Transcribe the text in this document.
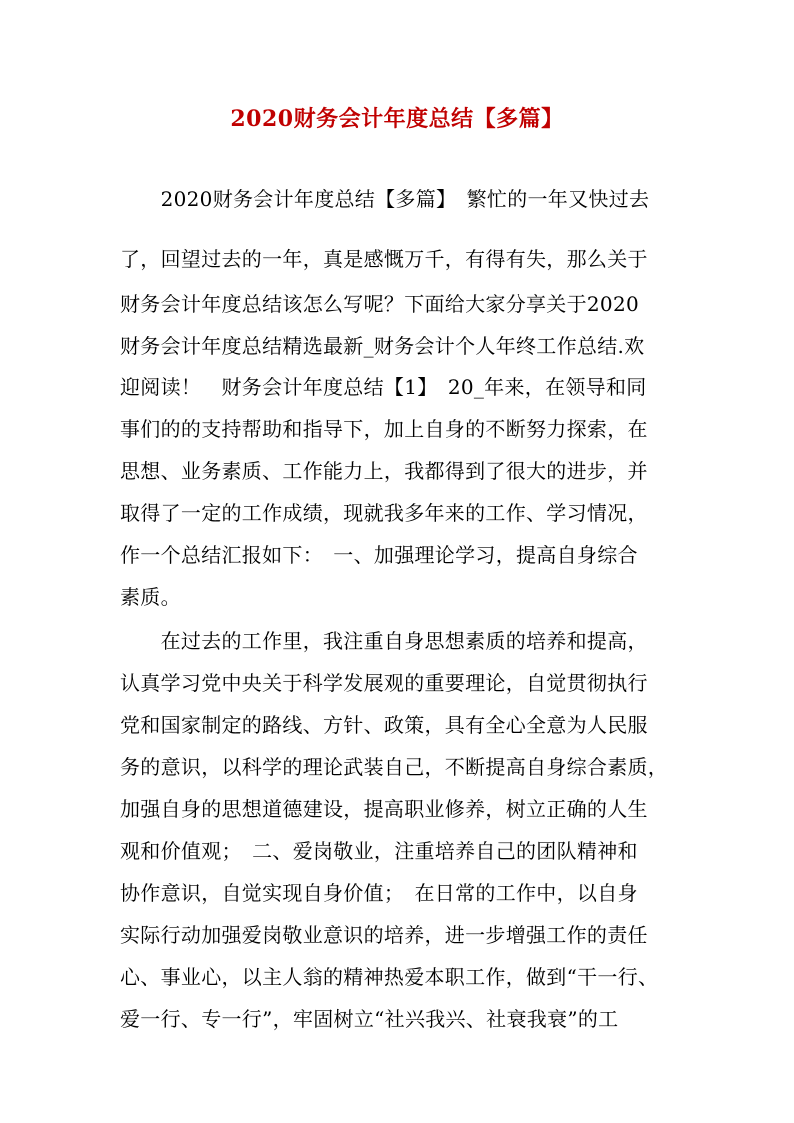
2020财务会计年度总结【多篇】
　　2020财务会计年度总结【多篇】　繁忙的一年又快过去
了，回望过去的一年，真是感慨万千，有得有失，那么关于
财务会计年度总结该怎么写呢？下面给大家分享关于2020
财务会计年度总结精选最新_财务会计个人年终工作总结.欢
迎阅读！　财务会计年度总结【1】　20_年来，在领导和同
事们的的支持帮助和指导下，加上自身的不断努力探索，在
思想、业务素质、工作能力上，我都得到了很大的进步，并
取得了一定的工作成绩，现就我多年来的工作、学习情况，
作一个总结汇报如下：　一、加强理论学习，提高自身综合
素质。
　　在过去的工作里，我注重自身思想素质的培养和提高，
认真学习党中央关于科学发展观的重要理论，自觉贯彻执行
党和国家制定的路线、方针、政策，具有全心全意为人民服
务的意识，以科学的理论武装自己，不断提高自身综合素质，
加强自身的思想道德建设，提高职业修养，树立正确的人生
观和价值观；　二、爱岗敬业，注重培养自己的团队精神和
协作意识，自觉实现自身价值；　在日常的工作中，以自身
实际行动加强爱岗敬业意识的培养，进一步增强工作的责任
心、事业心，以主人翁的精神热爱本职工作，做到“干一行、
爱一行、专一行”，牢固树立“社兴我兴、社衰我衰”的工
